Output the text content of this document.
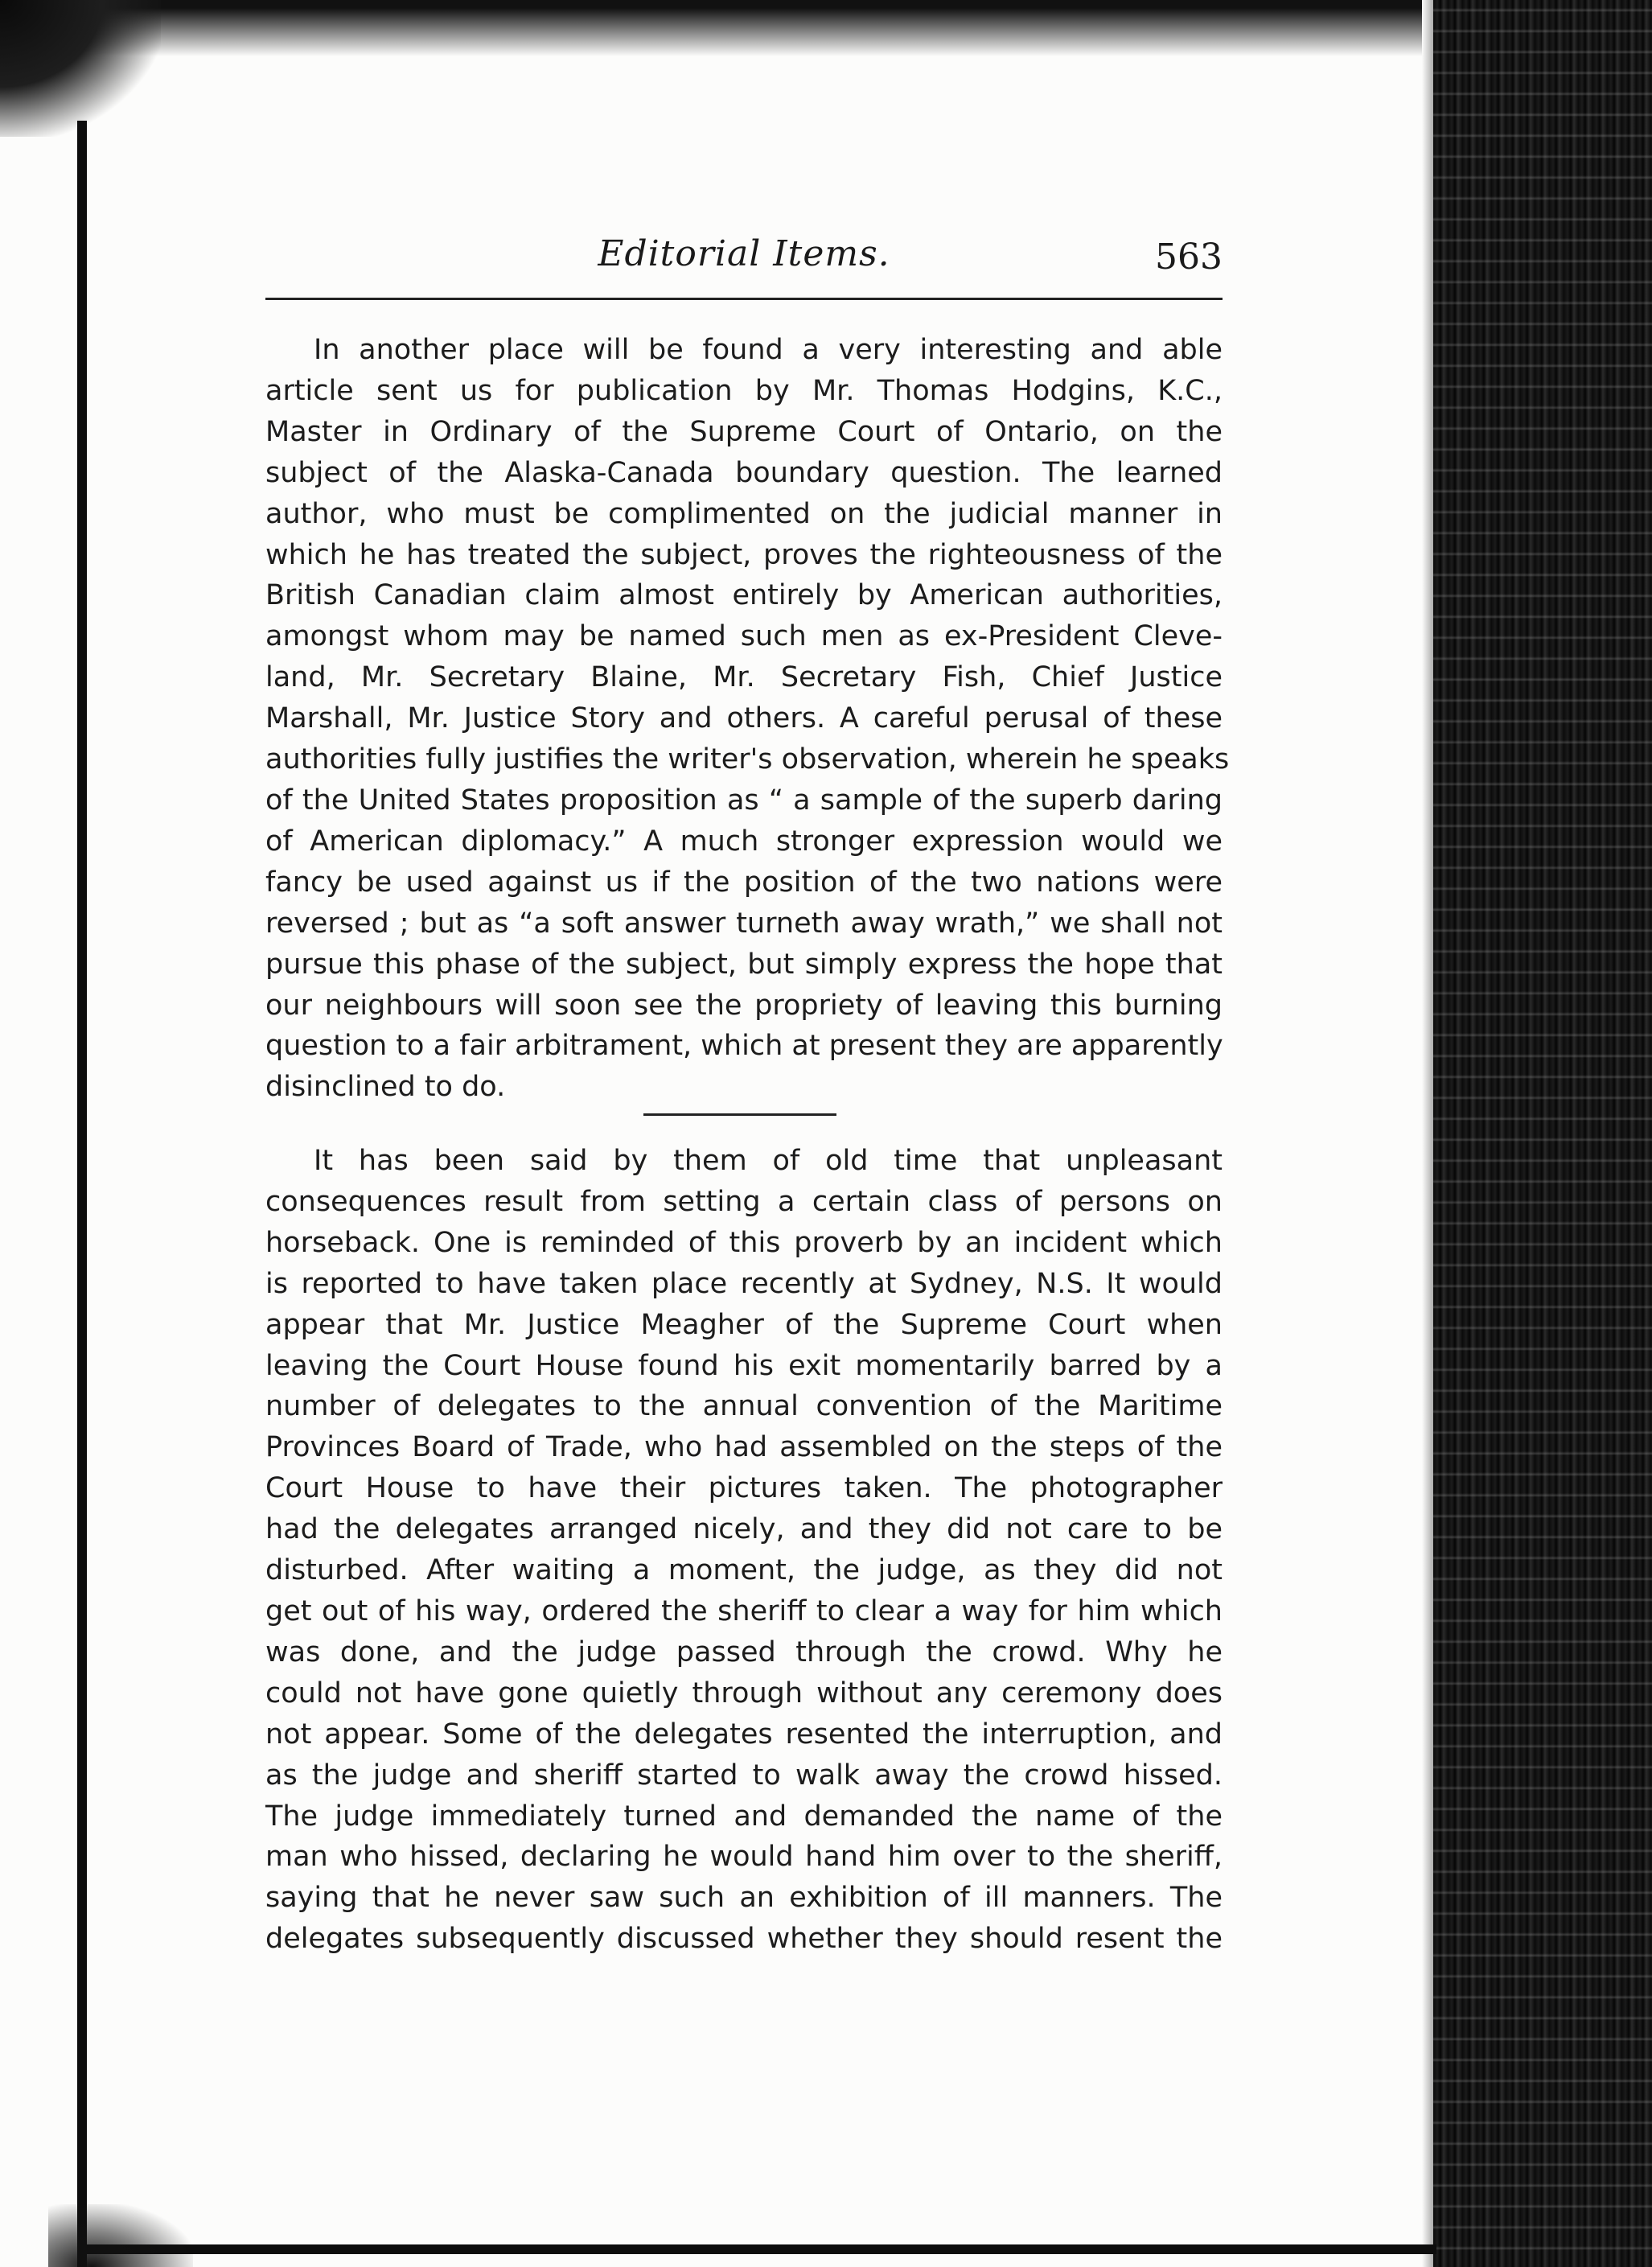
Editorial Items.	563
In another place will be found a very interesting and able
article sent us for publication by Mr. Thomas Hodgins, K.C.,
Master in Ordinary of the Supreme Court of Ontario, on the
subject of the Alaska-Canada boundary question. The learned
author, who must be complimented on the judicial manner in
which he has treated the subject, proves the righteousness of the
British Canadian claim almost entirely by American authorities,
amongst whom may be named such men as ex-President Cleve-
land, Mr. Secretary Blaine, Mr. Secretary Fish, Chief Justice
Marshall, Mr. Justice Story and others. A careful perusal of these
authorities fully justifies the writer's observation, wherein he speaks
of the United States proposition as “ a sample of the superb daring
of American diplomacy.” A much stronger expression would we
fancy be used against us if the position of the two nations were
reversed ; but as “a soft answer turneth away wrath,” we shall not
pursue this phase of the subject, but simply express the hope that
our neighbours will soon see the propriety of leaving this burning
question to a fair arbitrament, which at present they are apparently
disinclined to do.
It has been said by them of old time that unpleasant
consequences result from setting a certain class of persons on
horseback. One is reminded of this proverb by an incident which
is reported to have taken place recently at Sydney, N.S. It would
appear that Mr. Justice Meagher of the Supreme Court when
leaving the Court House found his exit momentarily barred by a
number of delegates to the annual convention of the Maritime
Provinces Board of Trade, who had assembled on the steps of the
Court House to have their pictures taken. The photographer
had the delegates arranged nicely, and they did not care to be
disturbed. After waiting a moment, the judge, as they did not
get out of his way, ordered the sheriff to clear a way for him which
was done, and the judge passed through the crowd. Why he
could not have gone quietly through without any ceremony does
not appear. Some of the delegates resented the interruption, and
as the judge and sheriff started to walk away the crowd hissed.
The judge immediately turned and demanded the name of the
man who hissed, declaring he would hand him over to the sheriff,
saying that he never saw such an exhibition of ill manners. The
delegates subsequently discussed whether they should resent the
